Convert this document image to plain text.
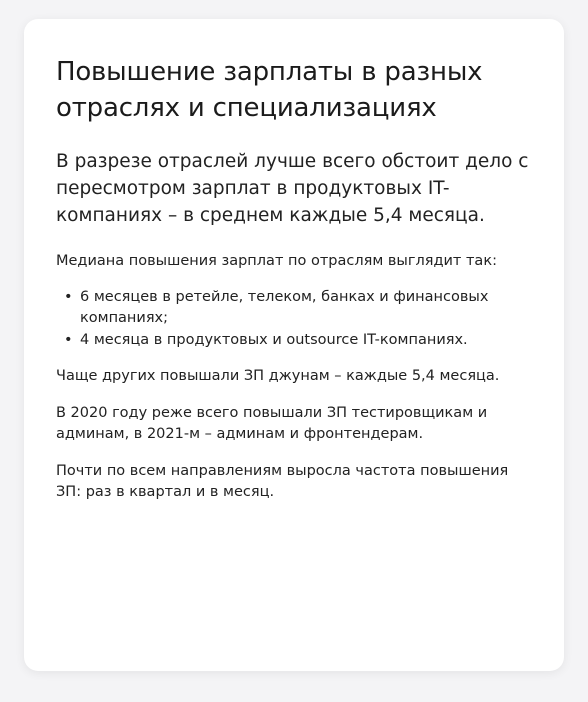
Повышение зарплаты в разных отраслях и специализациях

В разрезе отраслей лучше всего обстоит дело с пересмотром зарплат в продуктовых IT-компаниях – в среднем каждые 5,4 месяца.

Медиана повышения зарплат по отраслям выглядит так:

• 6 месяцев в ретейле, телеком, банках и финансовых компаниях;
• 4 месяца в продуктовых и outsource IT-компаниях.

Чаще других повышали ЗП джунам – каждые 5,4 месяца.

В 2020 году реже всего повышали ЗП тестировщикам и админам, в 2021-м – админам и фронтендерам.

Почти по всем направлениям выросла частота повышения ЗП: раз в квартал и в месяц.
